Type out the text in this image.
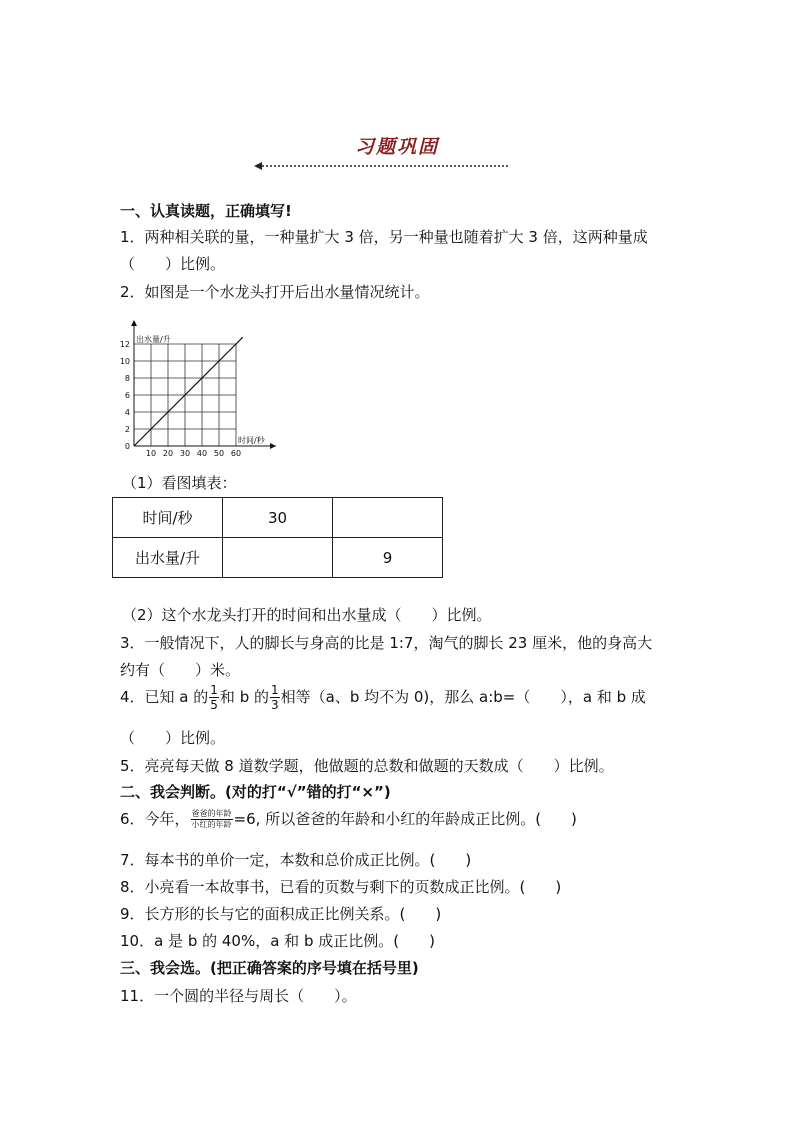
习题巩固
一、认真读题，正确填写!
1．两种相关联的量，一种量扩大 3 倍，另一种量也随着扩大 3 倍，这两种量成
（　　）比例。
2．如图是一个水龙头打开后出水量情况统计。
10 20 30 40 50 60
0
2
4
6
8
10
12
出水量/升
时间/秒
（1）看图填表：
时间/秒	30	
出水量/升		9
（2）这个水龙头打开的时间和出水量成（　　）比例。
3．一般情况下，人的脚长与身高的比是 1:7，淘气的脚长 23 厘米，他的身高大
约有（　　）米。
4．已知 a 的 $\frac{1}{5}$ 和 b 的 $\frac{1}{3}$ 相等（a、b 均不为 0)，那么 a:b=（　　），a 和 b 成
（　　）比例。
5．亮亮每天做 8 道数学题，他做题的总数和做题的天数成（　　）比例。
二、我会判断。(对的打“√”错的打“×”)
6．今年， $\frac{\text{爸爸的年龄}}{\text{小红的年龄}} =6$, 所以爸爸的年龄和小红的年龄成正比例。(　　)
7．每本书的单价一定，本数和总价成正比例。(　　)
8．小亮看一本故事书，已看的页数与剩下的页数成正比例。(　　)
9．长方形的长与它的面积成正比例关系。(　　)
10．a 是 b 的 40%，a 和 b 成正比例。(　　)
三、我会选。(把正确答案的序号填在括号里)
11．一个圆的半径与周长（　　）。
